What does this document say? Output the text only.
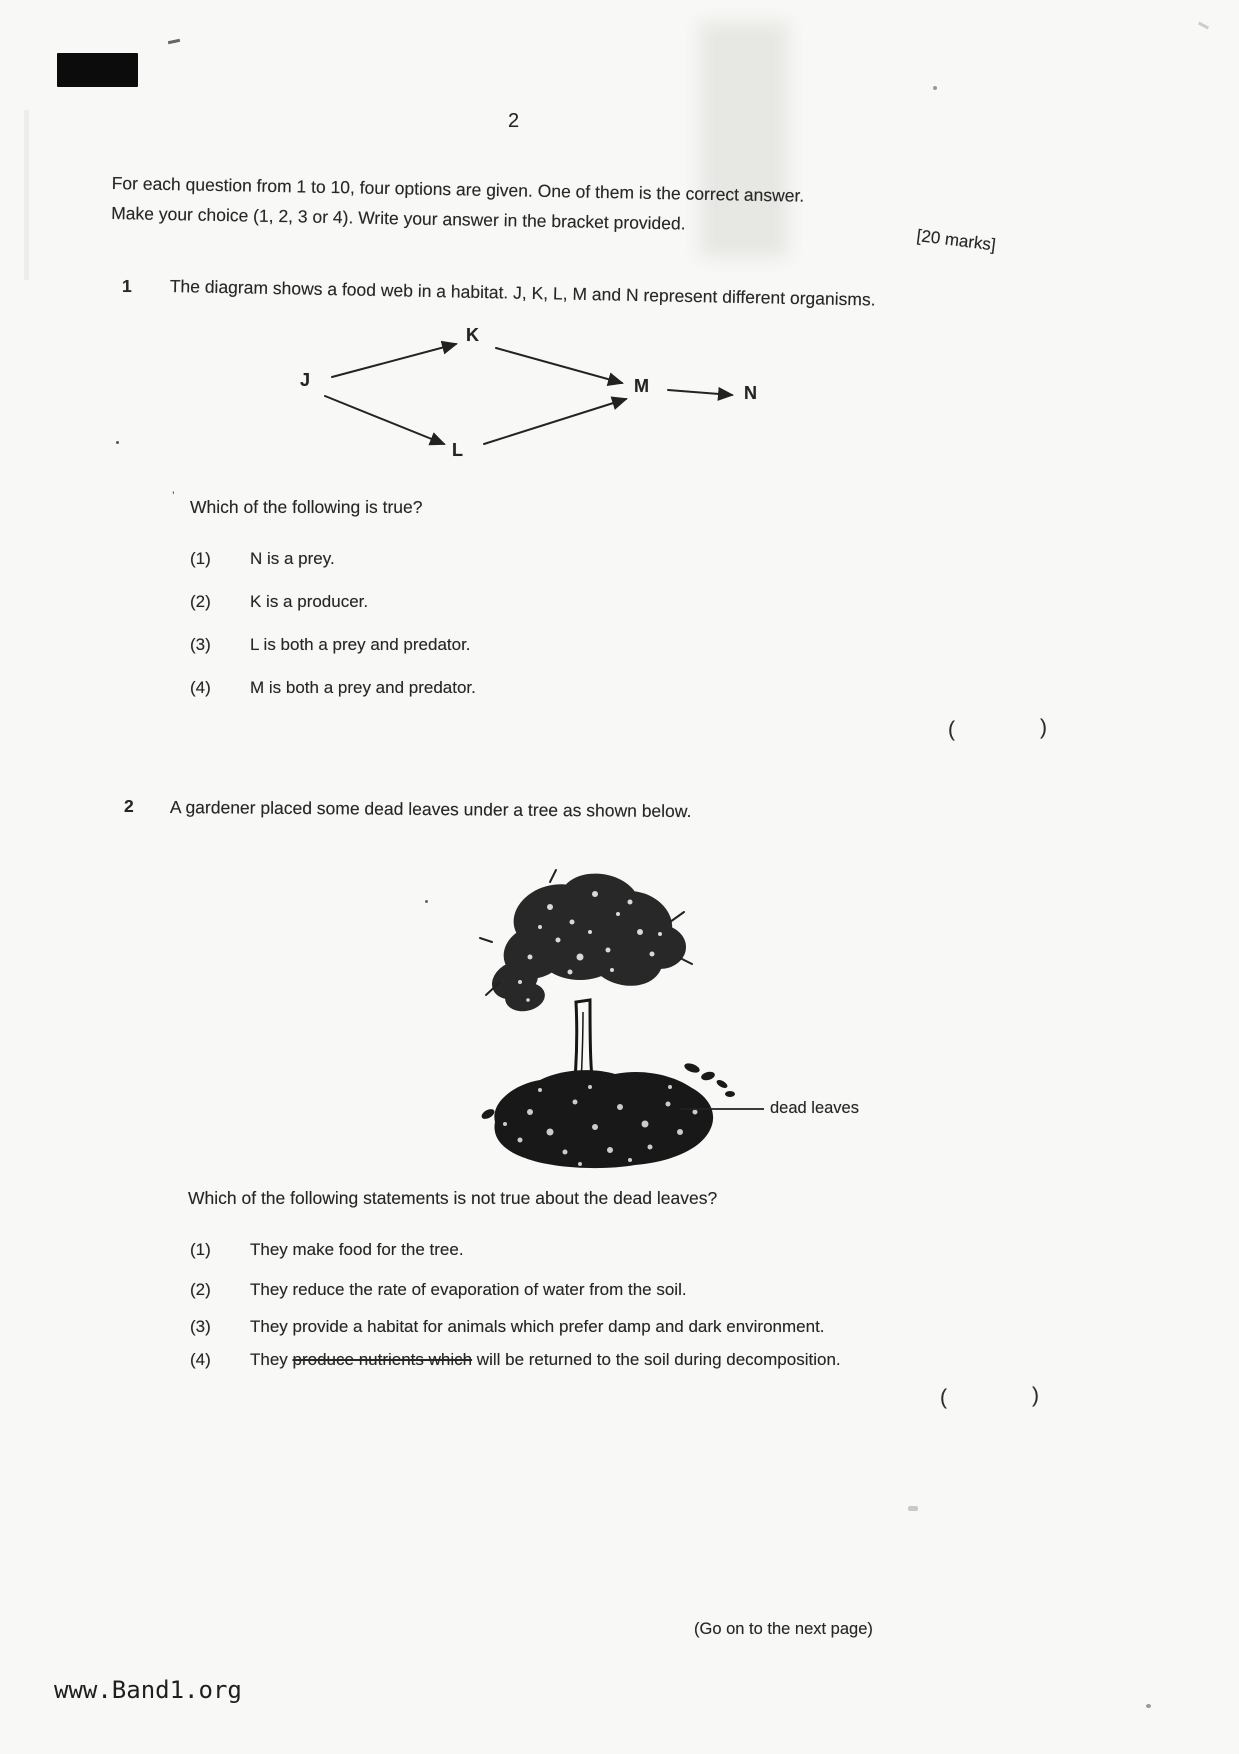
’
2
For each question from 1 to 10, four options are given. One of them is the correct answer.
Make your choice (1, 2, 3 or 4). Write your answer in the bracket provided.
[20 marks]
1 The diagram shows a food web in a habitat. J, K, L, M and N represent different organisms.
J
K
L
M	N
Which of the following is true?
(1) N is a prey.
(2) K is a producer.
(3) L is both a prey and predator.
(4) M is both a prey and predator.
(	)
2 A gardener placed some dead leaves under a tree as shown below.
dead leaves
Which of the following statements is not true about the dead leaves?
(1) They make food for the tree.
(2) They reduce the rate of evaporation of water from the soil.
(3) They provide a habitat for animals which prefer damp and dark environment.
(4) They produce nutrients which will be returned to the soil during decomposition.
(	)
(Go on to the next page)
www.Band1.org
